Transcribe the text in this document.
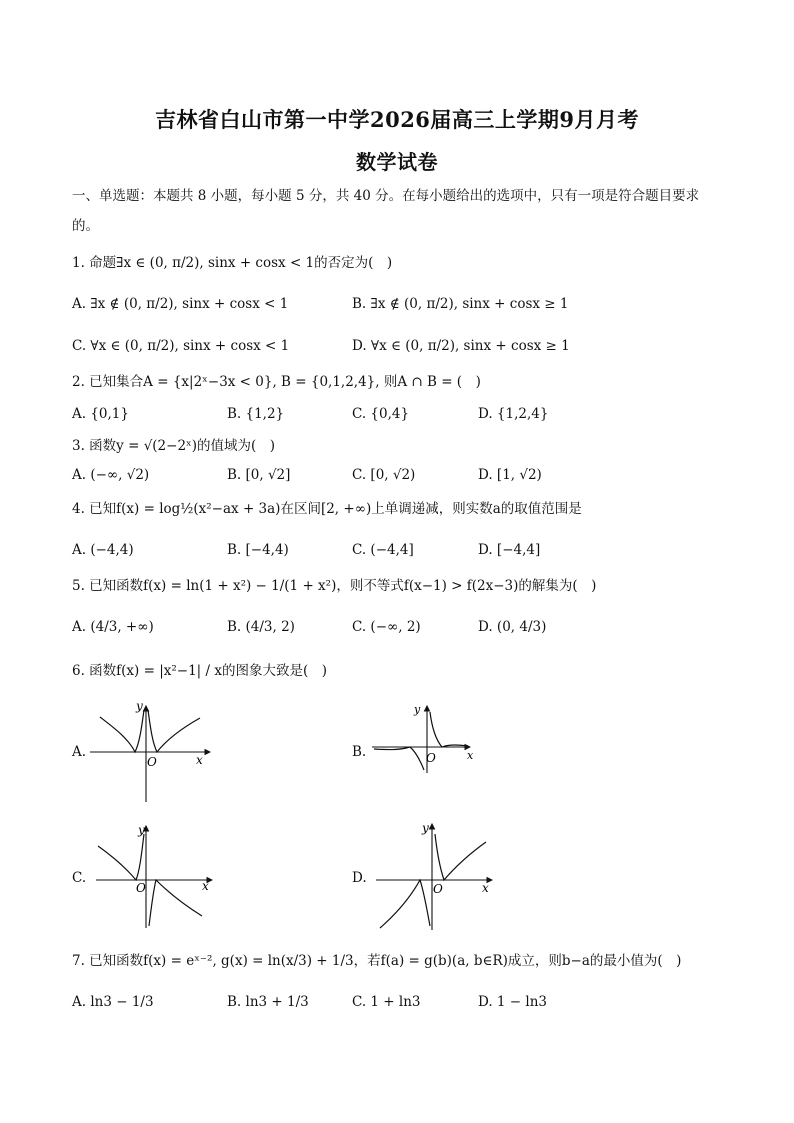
吉林省白山市第一中学2026届高三上学期9月月考
数学试卷
一、单选题：本题共 8 小题，每小题 5 分，共 40 分。在每小题给出的选项中，只有一项是符合题目要求
的。
1. 命题∃x ∈ (0, π/2), sinx + cosx < 1的否定为(　)
A. ∃x ∉ (0, π/2), sinx + cosx < 1	B. ∃x ∉ (0, π/2), sinx + cosx ≥ 1
C. ∀x ∈ (0, π/2), sinx + cosx < 1	D. ∀x ∈ (0, π/2), sinx + cosx ≥ 1
2. 已知集合A = {x|2ˣ−3x < 0}, B = {0,1,2,4}, 则A ∩ B = (　)
A. {0,1}	B. {1,2}	C. {0,4}	D. {1,2,4}
3. 函数y = √(2−2ˣ)的值域为(　)
A. (−∞, √2)	B. [0, √2]	C. [0, √2)	D. [1, √2)
4. 已知f(x) = log½(x²−ax + 3a)在区间[2, +∞)上单调递减，则实数a的取值范围是
A. (−4,4)	B. [−4,4)	C. (−4,4]	D. [−4,4]
5. 已知函数f(x) = ln(1 + x²) − 1/(1 + x²)，则不等式f(x−1) > f(2x−3)的解集为(　)
A. (4/3, +∞)	B. (4/3, 2)	C. (−∞, 2)	D. (0, 4/3)
6. 函数f(x) = |x²−1| / x的图象大致是(　)
A.
O	x
y
B.	O	x
y
C.
O	x
y
D.
O	x
y
7. 已知函数f(x) = eˣ⁻², g(x) = ln(x/3) + 1/3，若f(a) = g(b)(a, b∈R)成立，则b−a的最小值为(　)
A. ln3 − 1/3	B. ln3 + 1/3	C. 1 + ln3	D. 1 − ln3
